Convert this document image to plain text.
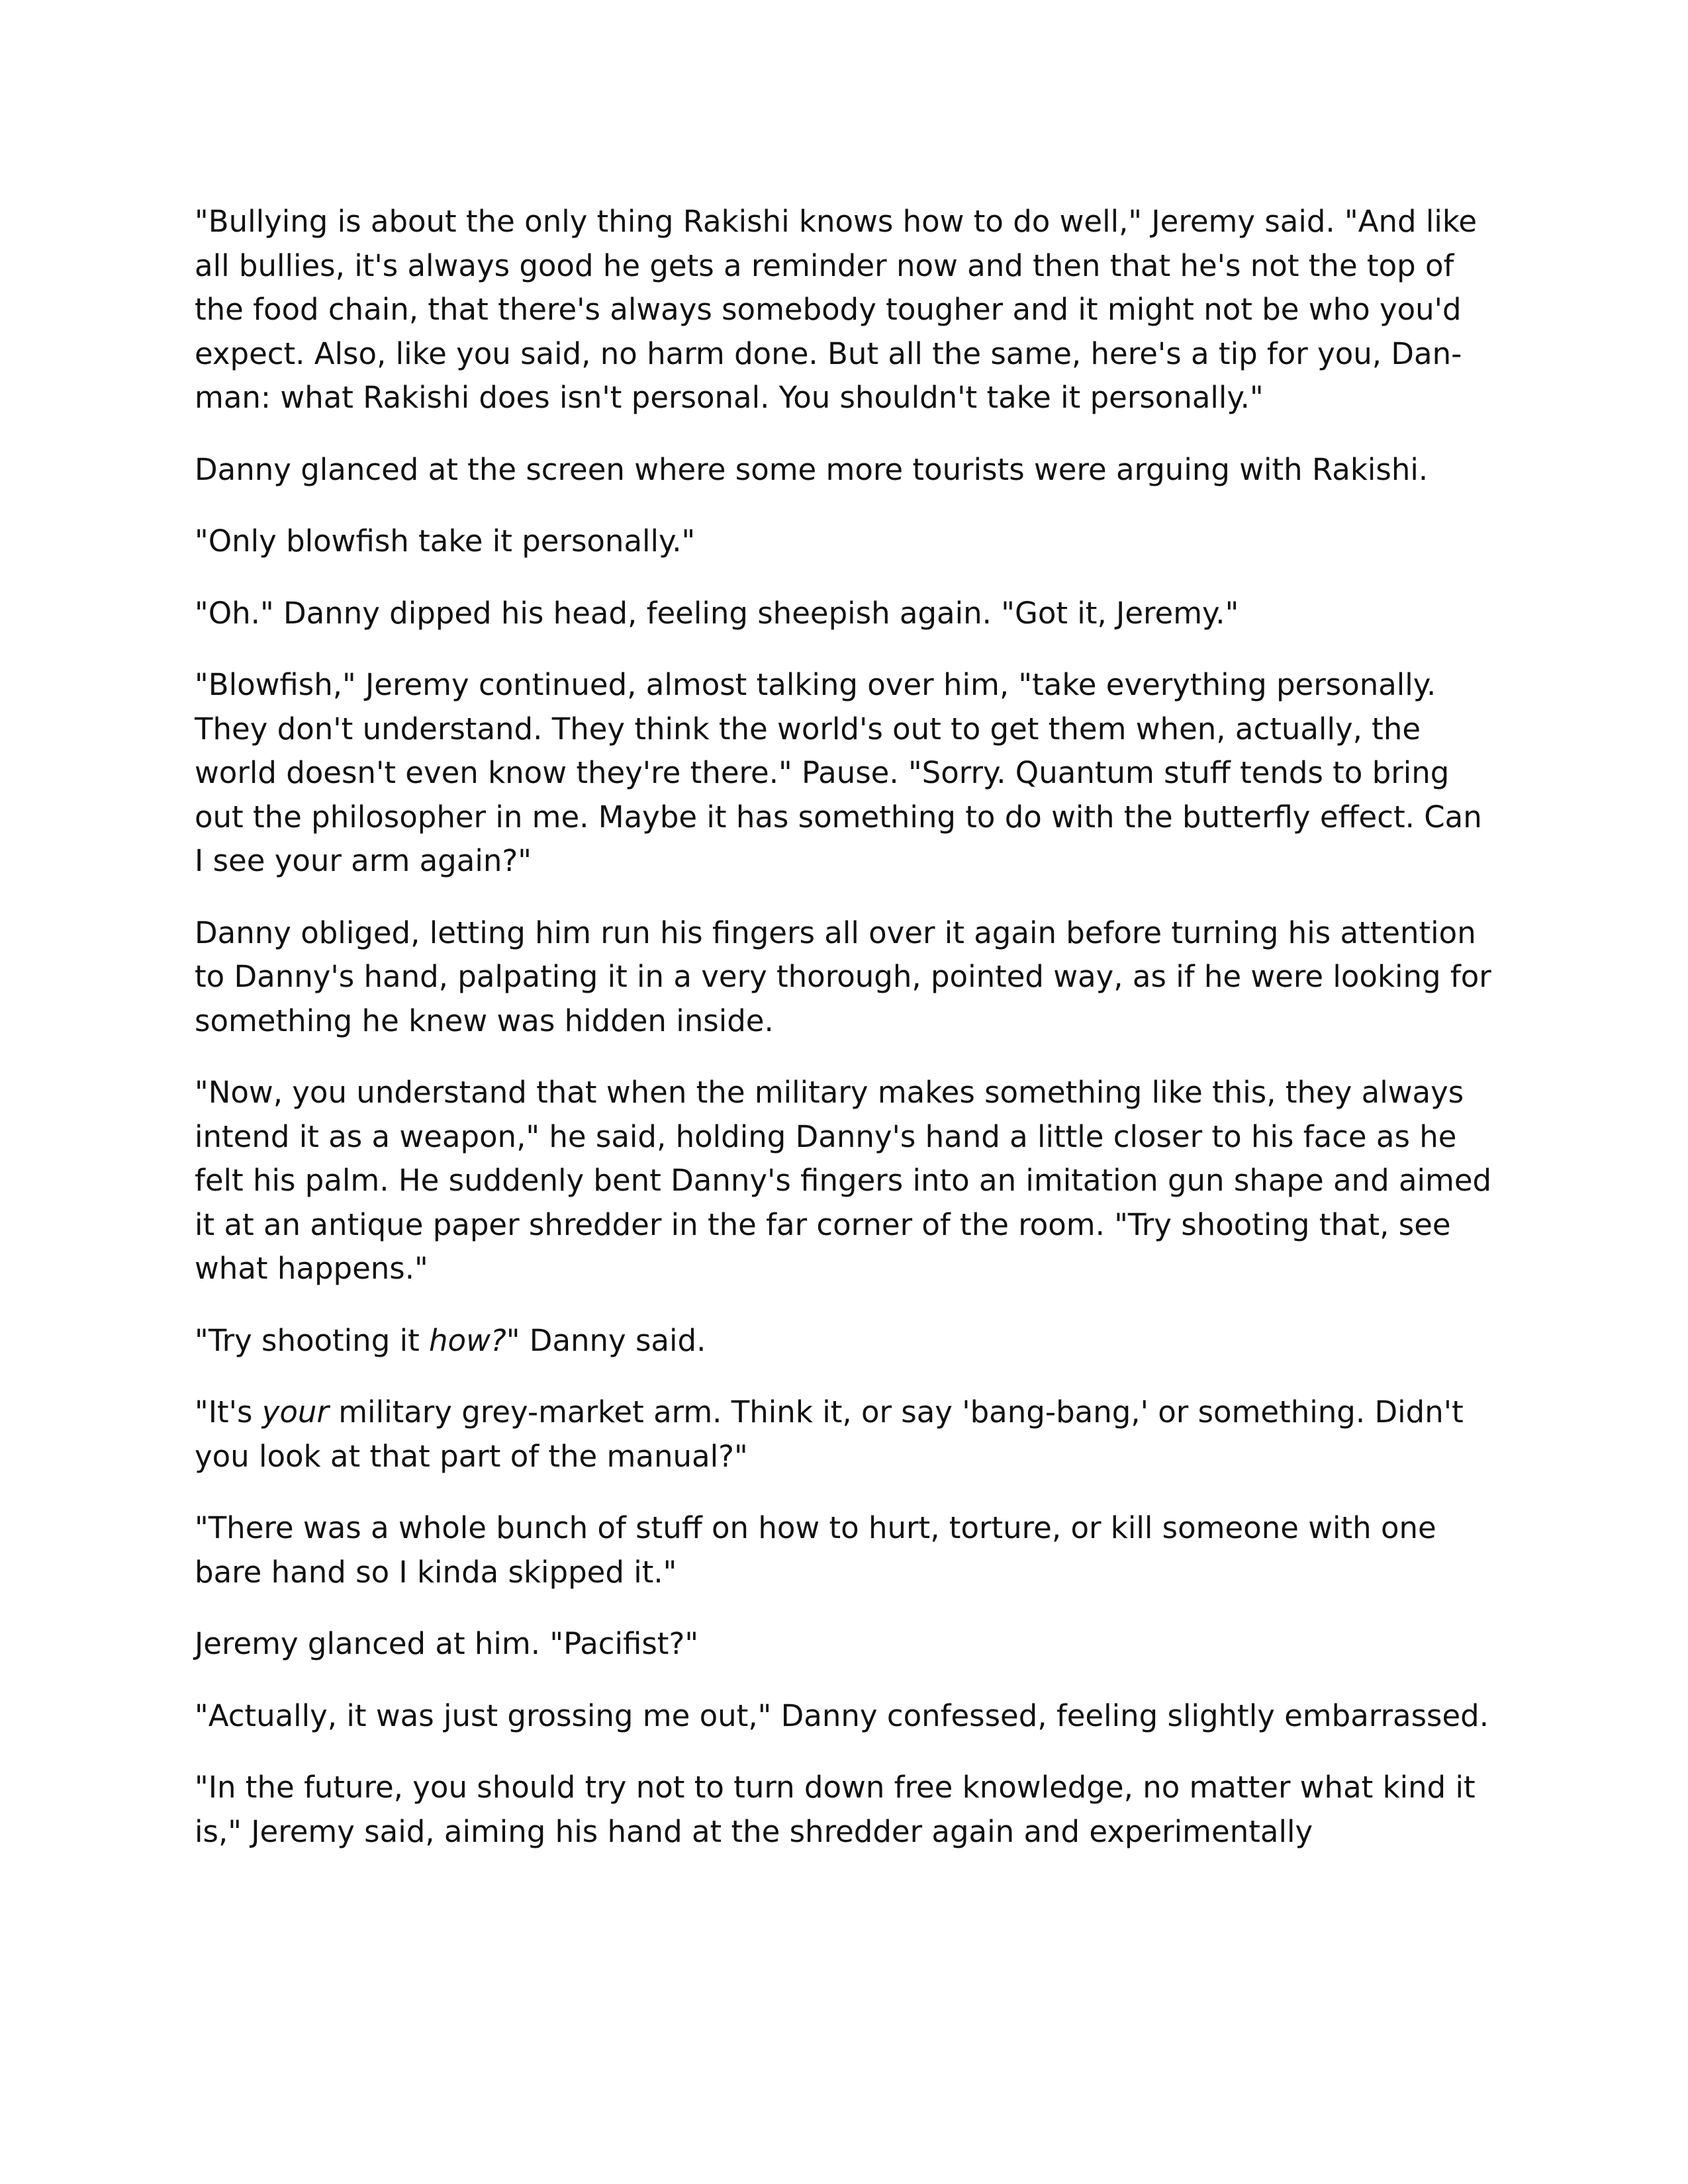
"Bullying is about the only thing Rakishi knows how to do well," Jeremy said. "And like all bullies, it's always good he gets a reminder now and then that he's not the top of the food chain, that there's always somebody tougher and it might not be who you'd expect. Also, like you said, no harm done. But all the same, here's a tip for you, Dan-man: what Rakishi does isn't personal. You shouldn't take it personally."

Danny glanced at the screen where some more tourists were arguing with Rakishi.

"Only blowfish take it personally."

"Oh." Danny dipped his head, feeling sheepish again. "Got it, Jeremy."

"Blowfish," Jeremy continued, almost talking over him, "take everything personally. They don't understand. They think the world's out to get them when, actually, the world doesn't even know they're there." Pause. "Sorry. Quantum stuff tends to bring out the philosopher in me. Maybe it has something to do with the butterfly effect. Can I see your arm again?"

Danny obliged, letting him run his fingers all over it again before turning his attention to Danny's hand, palpating it in a very thorough, pointed way, as if he were looking for something he knew was hidden inside.

"Now, you understand that when the military makes something like this, they always intend it as a weapon," he said, holding Danny's hand a little closer to his face as he felt his palm. He suddenly bent Danny's fingers into an imitation gun shape and aimed it at an antique paper shredder in the far corner of the room. "Try shooting that, see what happens."

"Try shooting it how?" Danny said.

"It's your military grey-market arm. Think it, or say 'bang-bang,' or something. Didn't you look at that part of the manual?"

"There was a whole bunch of stuff on how to hurt, torture, or kill someone with one bare hand so I kinda skipped it."

Jeremy glanced at him. "Pacifist?"

"Actually, it was just grossing me out," Danny confessed, feeling slightly embarrassed.

"In the future, you should try not to turn down free knowledge, no matter what kind it is," Jeremy said, aiming his hand at the shredder again and experimentally
